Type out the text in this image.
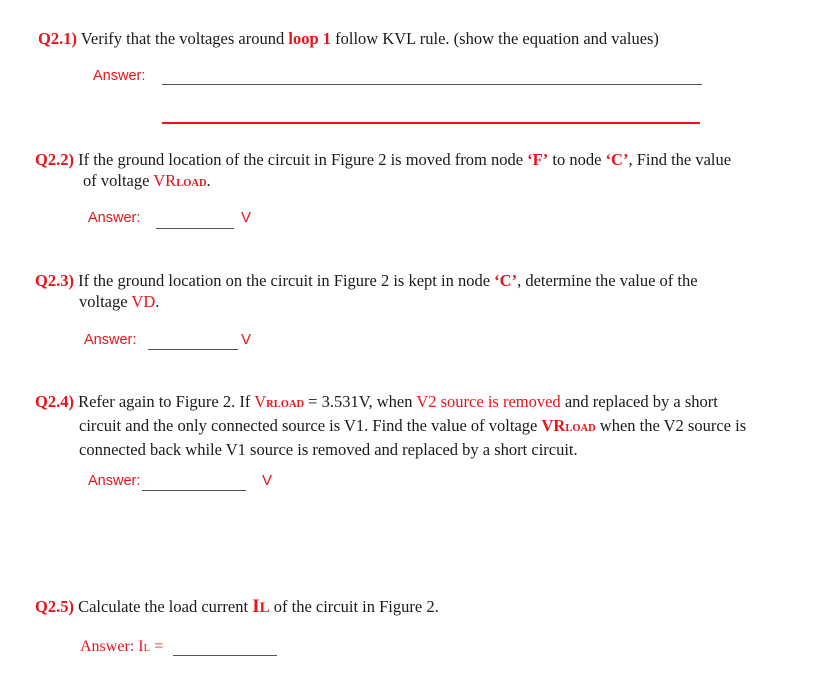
Q2.1) Verify that the voltages around loop 1 follow KVL rule. (show the equation and values)
Answer:
Q2.2) If the ground location of the circuit in Figure 2 is moved from node ‘F’ to node ‘C’, Find the value
of voltage VRLOAD.
Answer:	V
Q2.3) If the ground location on the circuit in Figure 2 is kept in node ‘C’, determine the value of the
voltage VD.
Answer:	V
Q2.4) Refer again to Figure 2. If VRLOAD = 3.531V, when V2 source is removed and replaced by a short
circuit and the only connected source is V1. Find the value of voltage VRLOAD when the V2 source is
connected back while V1 source is removed and replaced by a short circuit.
Answer:	V
Q2.5) Calculate the load current IL of the circuit in Figure 2.
Answer: IL =
